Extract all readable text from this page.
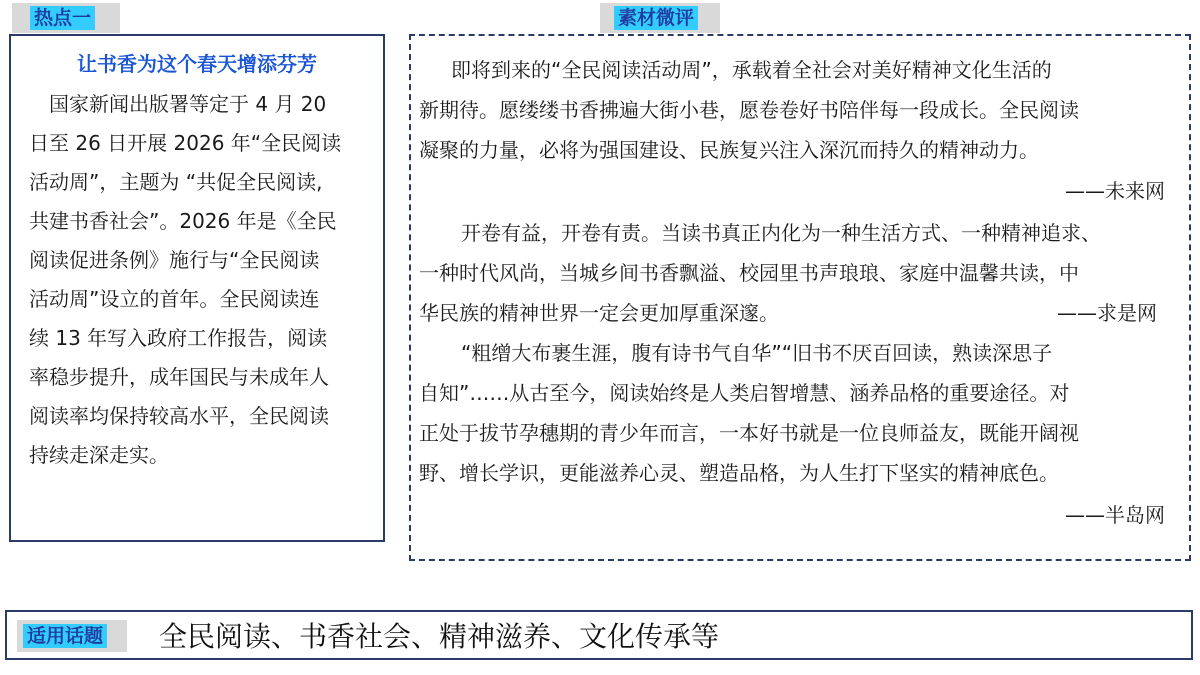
热点一	素材微评
让书香为这个春天增添芬芳
　国家新闻出版署等定于 4 月 20
日至 26 日开展 2026 年“全民阅读
活动周”，主题为 “共促全民阅读,
共建书香社会”。2026 年是《全民
阅读促进条例》施行与“全民阅读
活动周”设立的首年。全民阅读连
续 13 年写入政府工作报告，阅读
率稳步提升，成年国民与未成年人
阅读率均保持较高水平，全民阅读
持续走深走实。
即将到来的“全民阅读活动周”，承载着全社会对美好精神文化生活的
新期待。愿缕缕书香拂遍大街小巷，愿卷卷好书陪伴每一段成长。全民阅读
凝聚的力量，必将为强国建设、民族复兴注入深沉而持久的精神动力。
——未来网
开卷有益，开卷有责。当读书真正内化为一种生活方式、一种精神追求、
一种时代风尚，当城乡间书香飘溢、校园里书声琅琅、家庭中温馨共读，中
华民族的精神世界一定会更加厚重深邃。	——求是网
“粗缯大布裹生涯，腹有诗书气自华”“旧书不厌百回读，熟读深思子
自知”……从古至今，阅读始终是人类启智增慧、涵养品格的重要途径。对
正处于拔节孕穗期的青少年而言，一本好书就是一位良师益友，既能开阔视
野、增长学识，更能滋养心灵、塑造品格，为人生打下坚实的精神底色。
——半岛网
适用话题 全民阅读、书香社会、精神滋养、文化传承等
